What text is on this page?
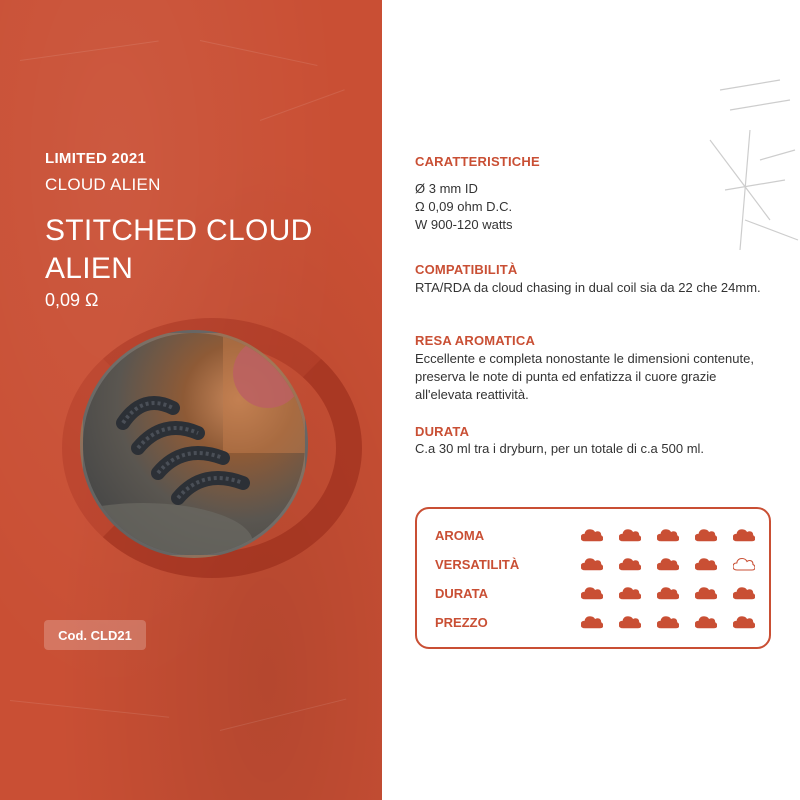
LIMITED 2021
CLOUD ALIEN
STITCHED CLOUD ALIEN
0,09 Ω
Cod. CLD21
CARATTERISTICHE
Ø 3 mm ID
Ω 0,09 ohm D.C.
W 900-120 watts
COMPATIBILITÀ
RTA/RDA da cloud chasing in dual coil sia da 22 che 24mm.
RESA AROMATICA
Eccellente e completa nonostante le dimensioni contenute, preserva le note di punta ed enfatizza il cuore grazie all'elevata reattività.
DURATA
C.a 30 ml tra i dryburn, per un totale di c.a 500 ml.
AROMA
VERSATILITÀ
DURATA
PREZZO
